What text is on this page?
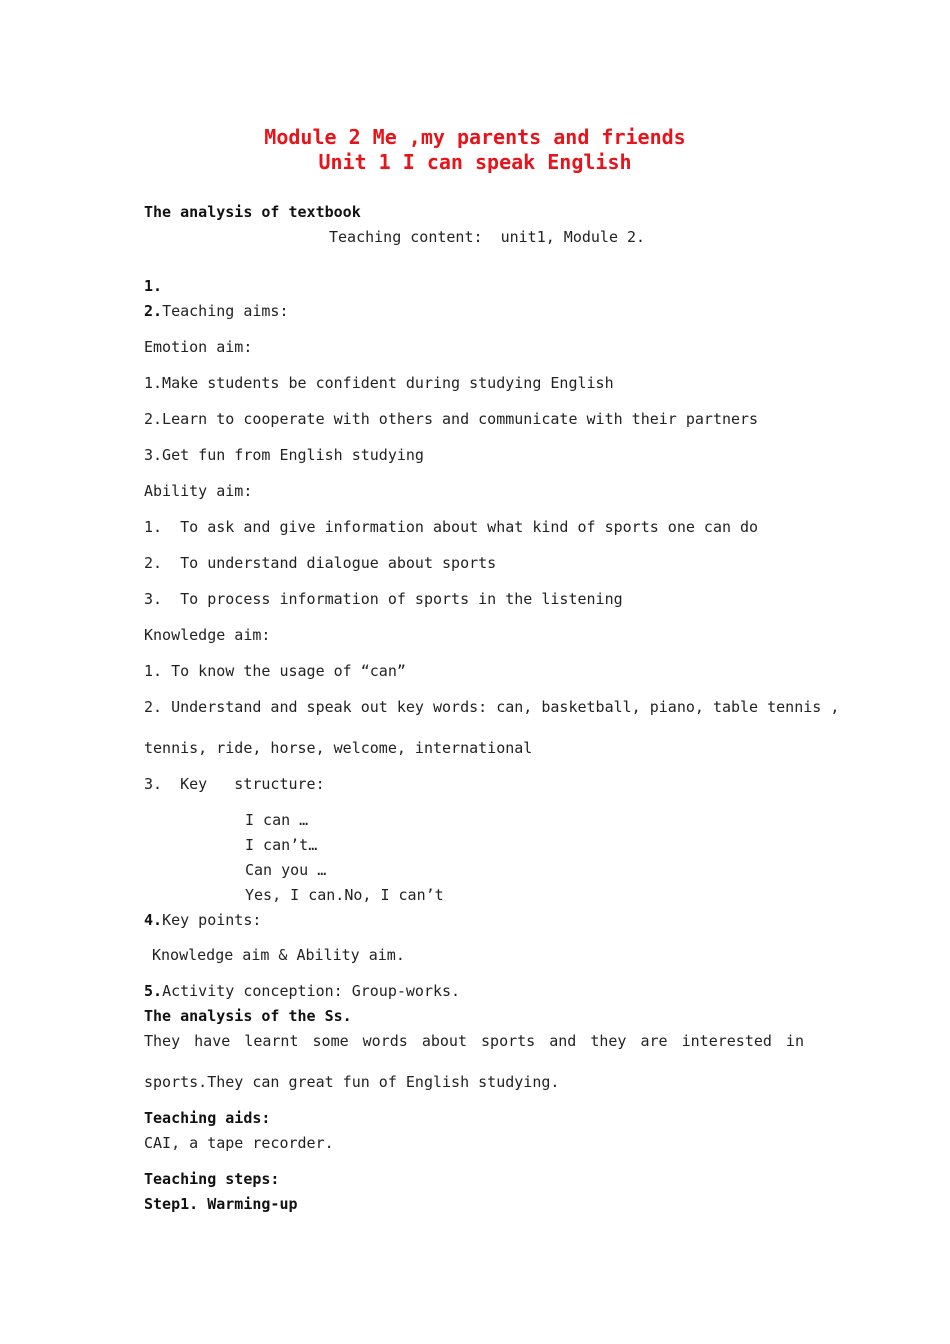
Module 2 Me ,my parents and friends
Unit 1 I can speak English
The analysis of textbook
Teaching content:  unit1, Module 2.
1.
2.Teaching aims:
Emotion aim:
1.Make students be confident during studying English
2.Learn to cooperate with others and communicate with their partners
3.Get fun from English studying
Ability aim:
1.  To ask and give information about what kind of sports one can do
2.  To understand dialogue about sports
3.  To process information of sports in the listening
Knowledge aim:
1. To know the usage of “can”
2. Understand and speak out key words: can, basketball, piano, table tennis ,
tennis, ride, horse, welcome, international
3.  Key   structure:
I can …
I can’t…
Can you …
Yes, I can.No, I can’t
4.Key points:
Knowledge aim & Ability aim.
5.Activity conception: Group-works.
The analysis of the Ss.
They have learnt some words about sports and they are interested in
sports.They can great fun of English studying.
Teaching aids:
CAI, a tape recorder.
Teaching steps:
Step1. Warming-up
